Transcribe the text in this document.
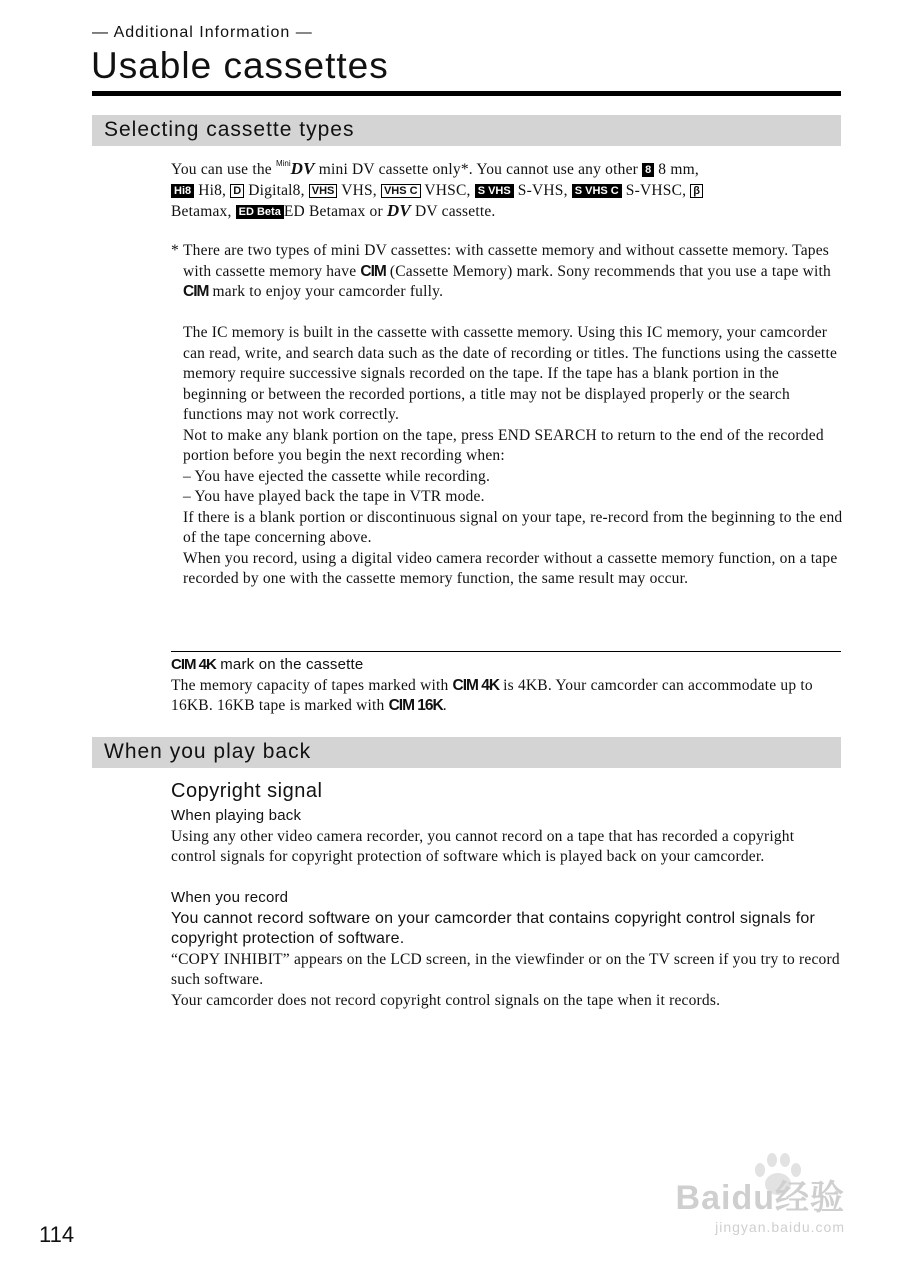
— Additional Information —
Usable cassettes
Selecting cassette types

You can use the MiniDV mini DV cassette only*. You cannot use any other 8 8 mm,
Hi8 Hi8, D Digital8, VHS VHS, VHS C VHSC, S VHS S-VHS, S VHS C S-VHSC, β
Betamax, ED Beta ED Betamax or DV DV cassette.

* There are two types of mini DV cassettes: with cassette memory and without cassette memory. Tapes with cassette memory have CIM (Cassette Memory) mark. Sony recommends that you use a tape with CIM mark to enjoy your camcorder fully.

The IC memory is built in the cassette with cassette memory. Using this IC memory, your camcorder can read, write, and search data such as the date of recording or titles. The functions using the cassette memory require successive signals recorded on the tape. If the tape has a blank portion in the beginning or between the recorded portions, a title may not be displayed properly or the search functions may not work correctly.

Not to make any blank portion on the tape, press END SEARCH to return to the end of the recorded portion before you begin the next recording when:

– You have ejected the cassette while recording.

– You have played back the tape in VTR mode.

If there is a blank portion or discontinuous signal on your tape, re-record from the beginning to the end of the tape concerning above.

When you record, using a digital video camera recorder without a cassette memory function, on a tape recorded by one with the cassette memory function, the same result may occur.

CIM 4K mark on the cassette

The memory capacity of tapes marked with CIM 4K is 4KB. Your camcorder can accommodate up to 16KB. 16KB tape is marked with CIM 16K.

When you play back
Copyright signal

When playing back

Using any other video camera recorder, you cannot record on a tape that has recorded a copyright control signals for copyright protection of software which is played back on your camcorder.

When you record

You cannot record software on your camcorder that contains copyright control signals for copyright protection of software.

“COPY INHIBIT” appears on the LCD screen, in the viewfinder or on the TV screen if you try to record such software.

Your camcorder does not record copyright control signals on the tape when it records.

114
Baidu经验
jingyan.baidu.com
